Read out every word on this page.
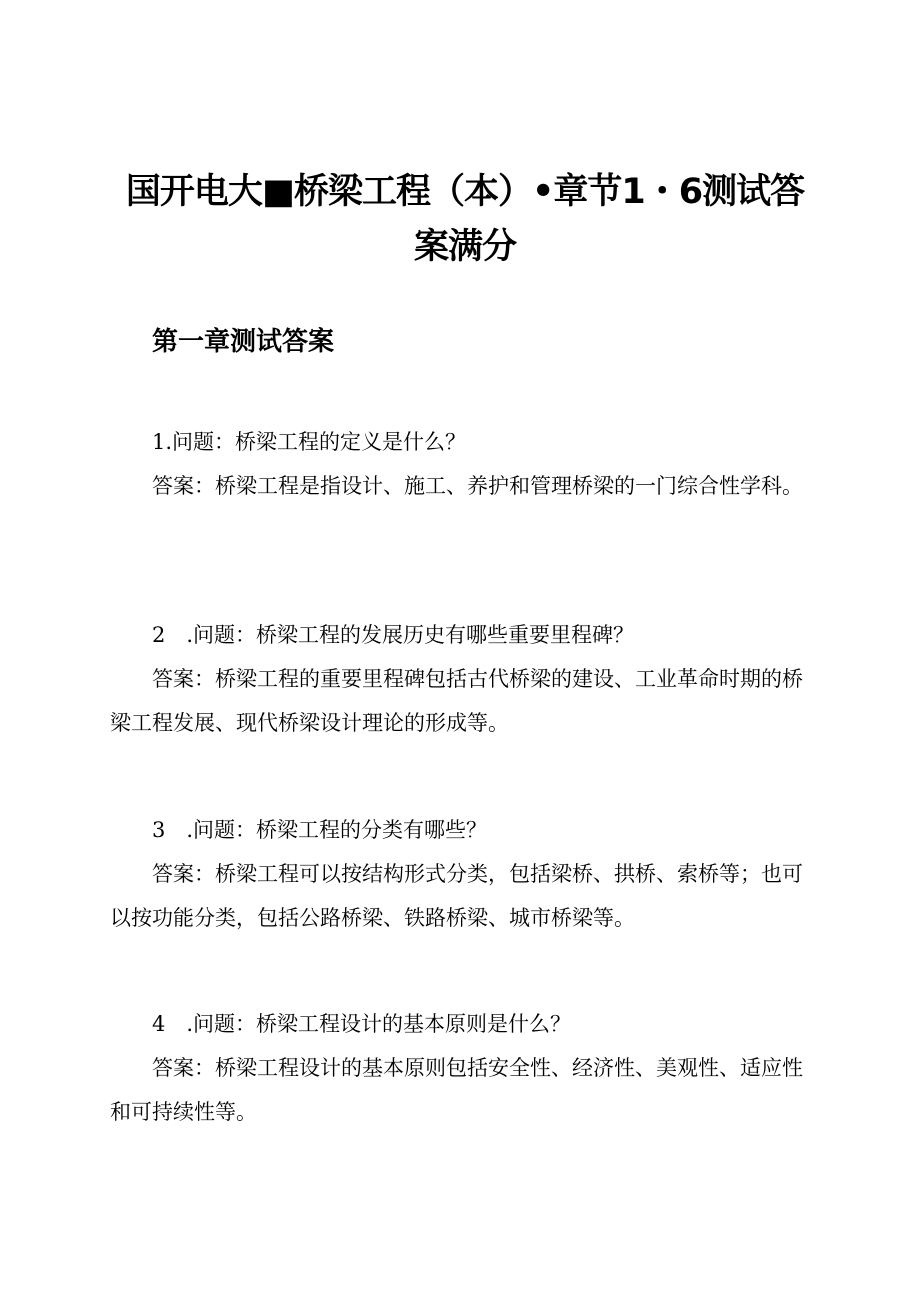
国开电大■桥梁工程（本）•章节1・6测试答
案满分
第一章测试答案

1.问题：桥梁工程的定义是什么？

答案：桥梁工程是指设计、施工、养护和管理桥梁的一门综合性学科。

2　.问题：桥梁工程的发展历史有哪些重要里程碑？

答案：桥梁工程的重要里程碑包括古代桥梁的建设、工业革命时期的桥梁工程发展、现代桥梁设计理论的形成等。

3　.问题：桥梁工程的分类有哪些？

答案：桥梁工程可以按结构形式分类，包括梁桥、拱桥、索桥等；也可以按功能分类，包括公路桥梁、铁路桥梁、城市桥梁等。

4　.问题：桥梁工程设计的基本原则是什么？

答案：桥梁工程设计的基本原则包括安全性、经济性、美观性、适应性和可持续性等。
